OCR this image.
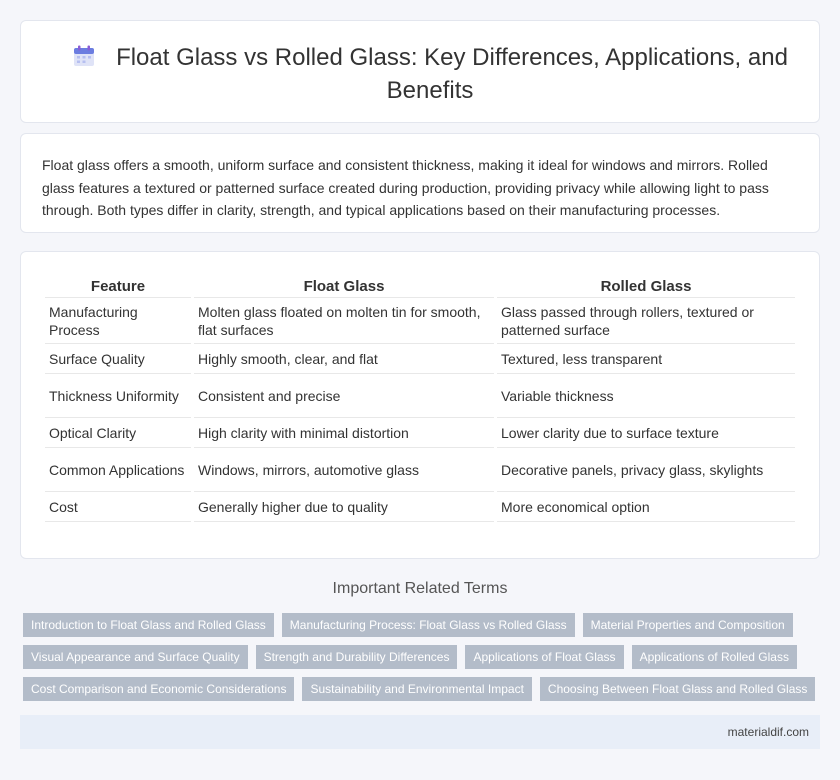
Float Glass vs Rolled Glass: Key Differences, Applications, and Benefits
Float glass offers a smooth, uniform surface and consistent thickness, making it ideal for windows and mirrors. Rolled glass features a textured or patterned surface created during production, providing privacy while allowing light to pass through. Both types differ in clarity, strength, and typical applications based on their manufacturing processes.
Feature	Float Glass	Rolled Glass
Manufacturing Process	Molten glass floated on molten tin for smooth, flat surfaces	Glass passed through rollers, textured or patterned surface
Surface Quality	Highly smooth, clear, and flat	Textured, less transparent
Thickness Uniformity	Consistent and precise	Variable thickness
Optical Clarity	High clarity with minimal distortion	Lower clarity due to surface texture
Common Applications	Windows, mirrors, automotive glass	Decorative panels, privacy glass, skylights
Cost	Generally higher due to quality	More economical option
Important Related Terms
Introduction to Float Glass and Rolled Glass	Manufacturing Process: Float Glass vs Rolled Glass	Material Properties and Composition
Visual Appearance and Surface Quality	Strength and Durability Differences	Applications of Float Glass	Applications of Rolled Glass
Cost Comparison and Economic Considerations	Sustainability and Environmental Impact	Choosing Between Float Glass and Rolled Glass
materialdif.com
